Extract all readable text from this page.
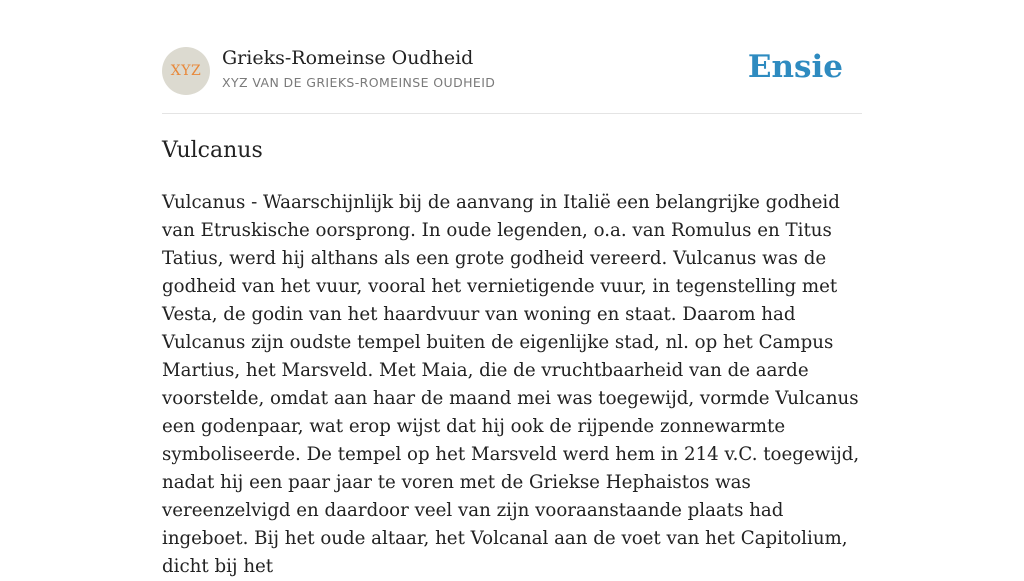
XYZ
Grieks-Romeinse Oudheid
XYZ VAN DE GRIEKS-ROMEINSE OUDHEID	Ensie
Vulcanus

Vulcanus - Waarschijnlijk bij de aanvang in Italië een belangrijke godheid van Etruskische oorsprong. In oude legenden, o.a. van Romulus en Titus Tatius, werd hij althans als een grote godheid vereerd. Vulcanus was de godheid van het vuur, vooral het vernietigende vuur, in tegenstelling met Vesta, de godin van het haardvuur van woning en staat. Daarom had Vulcanus zijn oudste tempel buiten de eigenlijke stad, nl. op het Campus Martius, het Marsveld. Met Maia, die de vruchtbaarheid van de aarde voorstelde, omdat aan haar de maand mei was toegewijd, vormde Vulcanus een godenpaar, wat erop wijst dat hij ook de rijpende zonnewarmte symboliseerde. De tempel op het Marsveld werd hem in 214 v.C. toegewijd, nadat hij een paar jaar te voren met de Griekse Hephaistos was vereenzelvigd en daardoor veel van zijn vooraanstaande plaats had ingeboet. Bij het oude altaar, het Volcanal aan de voet van het Capitolium, dicht bij het
